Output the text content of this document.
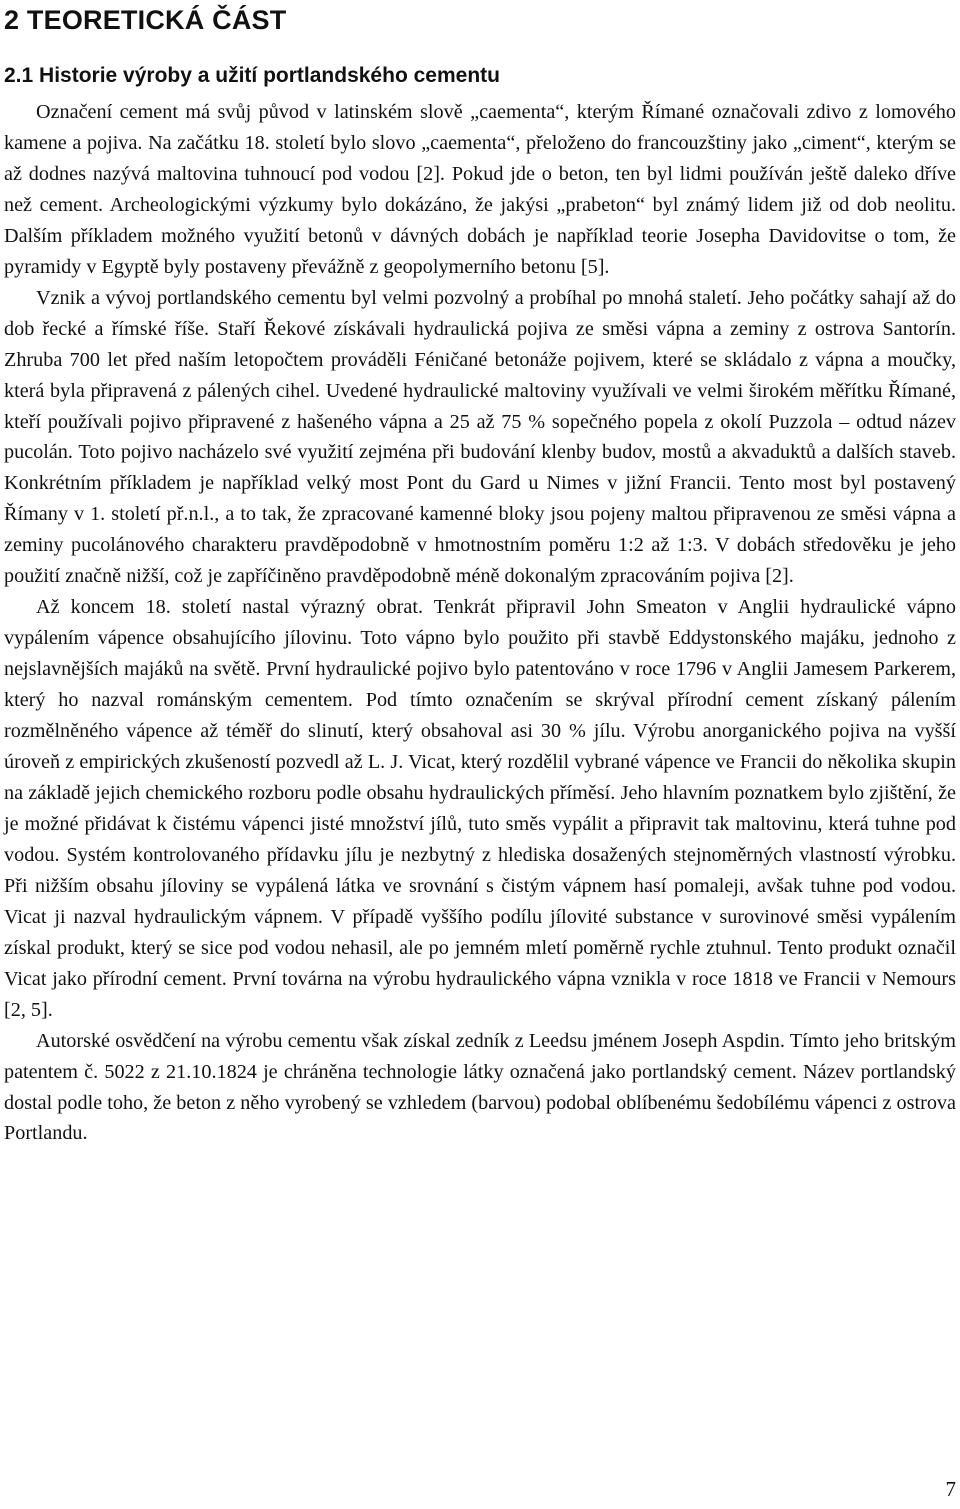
2 TEORETICKÁ ČÁST
2.1 Historie výroby a užití portlandského cementu

Označení cement má svůj původ v latinském slově „caementa“, kterým Římané označovali zdivo z lomového kamene a pojiva. Na začátku 18. století bylo slovo „caementa“, přeloženo do francouzštiny jako „ciment“, kterým se až dodnes nazývá maltovina tuhnoucí pod vodou [2]. Pokud jde o beton, ten byl lidmi používán ještě daleko dříve než cement. Archeologickými výzkumy bylo dokázáno, že jakýsi „prabeton“ byl známý lidem již od dob neolitu. Dalším příkladem možného využití betonů v dávných dobách je například teorie Josepha Davidovitse o tom, že pyramidy v Egyptě byly postaveny převážně z geopolymerního betonu [5].

Vznik a vývoj portlandského cementu byl velmi pozvolný a probíhal po mnohá staletí. Jeho počátky sahají až do dob řecké a římské říše. Staří Řekové získávali hydraulická pojiva ze směsi vápna a zeminy z ostrova Santorín. Zhruba 700 let před naším letopočtem prováděli Féničané betonáže pojivem, které se skládalo z vápna a moučky, která byla připravená z pálených cihel. Uvedené hydraulické maltoviny využívali ve velmi širokém měřítku Římané, kteří používali pojivo připravené z hašeného vápna a 25 až 75 % sopečného popela z okolí Puzzola – odtud název pucolán. Toto pojivo nacházelo své využití zejména při budování klenby budov, mostů a akvaduktů a dalších staveb. Konkrétním příkladem je například velký most Pont du Gard u Nimes v jižní Francii. Tento most byl postavený Římany v 1. století př.n.l., a to tak, že zpracované kamenné bloky jsou pojeny maltou připravenou ze směsi vápna a zeminy pucolánového charakteru pravděpodobně v hmotnostním poměru 1:2 až 1:3. V dobách středověku je jeho použití značně nižší, což je zapříčiněno pravděpodobně méně dokonalým zpracováním pojiva [2].

Až koncem 18. století nastal výrazný obrat. Tenkrát připravil John Smeaton v Anglii hydraulické vápno vypálením vápence obsahujícího jílovinu. Toto vápno bylo použito při stavbě Eddystonského majáku, jednoho z nejslavnějších majáků na světě. První hydraulické pojivo bylo patentováno v roce 1796 v Anglii Jamesem Parkerem, který ho nazval románským cementem. Pod tímto označením se skrýval přírodní cement získaný pálením rozmělněného vápence až téměř do slinutí, který obsahoval asi 30 % jílu. Výrobu anorganického pojiva na vyšší úroveň z empirických zkušeností pozvedl až L. J. Vicat, který rozdělil vybrané vápence ve Francii do několika skupin na základě jejich chemického rozboru podle obsahu hydraulických příměsí. Jeho hlavním poznatkem bylo zjištění, že je možné přidávat k čistému vápenci jisté množství jílů, tuto směs vypálit a připravit tak maltovinu, která tuhne pod vodou. Systém kontrolovaného přídavku jílu je nezbytný z hlediska dosažených stejnoměrných vlastností výrobku. Při nižším obsahu jíloviny se vypálená látka ve srovnání s čistým vápnem hasí pomaleji, avšak tuhne pod vodou. Vicat ji nazval hydraulickým vápnem. V případě vyššího podílu jílovité substance v surovinové směsi vypálením získal produkt, který se sice pod vodou nehasil, ale po jemném mletí poměrně rychle ztuhnul. Tento produkt označil Vicat jako přírodní cement. První továrna na výrobu hydraulického vápna vznikla v roce 1818 ve Francii v Nemours [2, 5].

Autorské osvědčení na výrobu cementu však získal zedník z Leedsu jménem Joseph Aspdin. Tímto jeho britským patentem č. 5022 z 21.10.1824 je chráněna technologie látky označená jako portlandský cement. Název portlandský dostal podle toho, že beton z něho vyrobený se vzhledem (barvou) podobal oblíbenému šedobílému vápenci z ostrova Portlandu.

7
